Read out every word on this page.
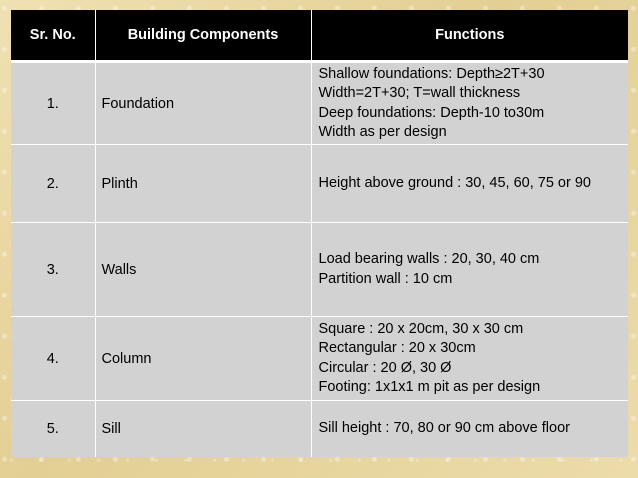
Sr. No.	Building Components	Functions
1.	Foundation	Shallow foundations: Depth≥2T+30
Width=2T+30; T=wall thickness
Deep foundations: Depth-10 to30m
Width as per design

2.	Plinth	Height above ground : 30, 45, 60, 75 or 90

3.	Walls	Load bearing walls : 20, 30, 40 cm
Partition wall : 10 cm

4.	Column	Square : 20 x 20cm, 30 x 30 cm
Rectangular : 20 x 30cm
Circular : 20 Ø, 30 Ø
Footing: 1x1x1 m pit as per design

5.	Sill	Sill height : 70, 80 or 90 cm above floor
